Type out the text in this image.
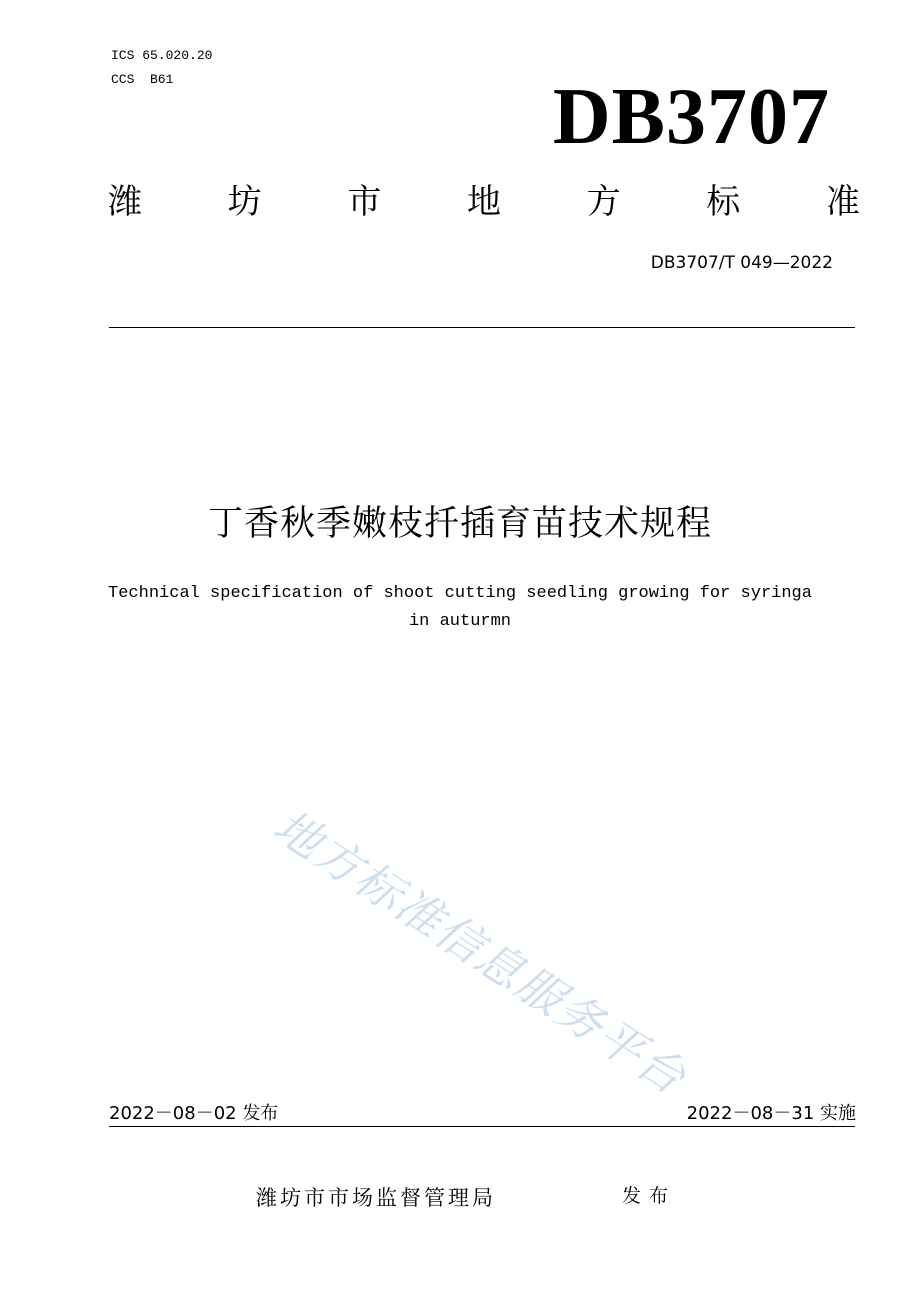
ICS 65.020.20
CCS  B61	DB3707
潍	坊	市	地	方	标	准
DB3707/T 049—2022
丁香秋季嫩枝扦插育苗技术规程
Technical specification of shoot cutting seedling growing for syringa
in auturmn
地方标准信息服务平台
2022－08－02 发布	2022－08－31 实施
潍坊市市场监督管理局	发布
